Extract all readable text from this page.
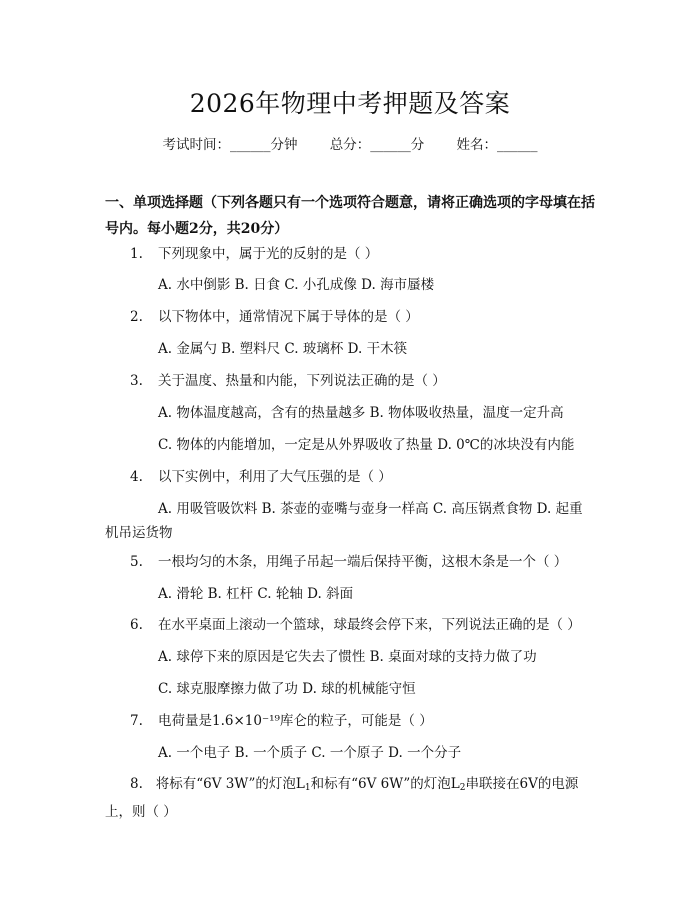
2026年物理中考押题及答案
考试时间：______分钟 总分：______分 姓名：______
一、单项选择题（下列各题只有一个选项符合题意，请将正确选项的字母填在括号内。每小题2分，共20分）
1. 下列现象中，属于光的反射的是（ ）
A. 水中倒影 B. 日食 C. 小孔成像 D. 海市蜃楼
2. 以下物体中，通常情况下属于导体的是（ ）
A. 金属勺 B. 塑料尺 C. 玻璃杯 D. 干木筷
3. 关于温度、热量和内能，下列说法正确的是（ ）
A. 物体温度越高，含有的热量越多 B. 物体吸收热量，温度一定升高
C. 物体的内能增加，一定是从外界吸收了热量 D. 0℃的冰块没有内能
4. 以下实例中，利用了大气压强的是（ ）
A. 用吸管吸饮料 B. 茶壶的壶嘴与壶身一样高 C. 高压锅煮食物 D. 起重机吊运货物
5. 一根均匀的木条，用绳子吊起一端后保持平衡，这根木条是一个（ ）
A. 滑轮 B. 杠杆 C. 轮轴 D. 斜面
6. 在水平桌面上滚动一个篮球，球最终会停下来，下列说法正确的是（ ）
A. 球停下来的原因是它失去了惯性 B. 桌面对球的支持力做了功
C. 球克服摩擦力做了功 D. 球的机械能守恒
7. 电荷量是1.6×10⁻¹⁹库仑的粒子，可能是（ ）
A. 一个电子 B. 一个质子 C. 一个原子 D. 一个分子
8. 将标有“6V 3W”的灯泡$L_1$和标有“6V 6W”的灯泡$L_2$串联接在6V的电源上，则（ ）
